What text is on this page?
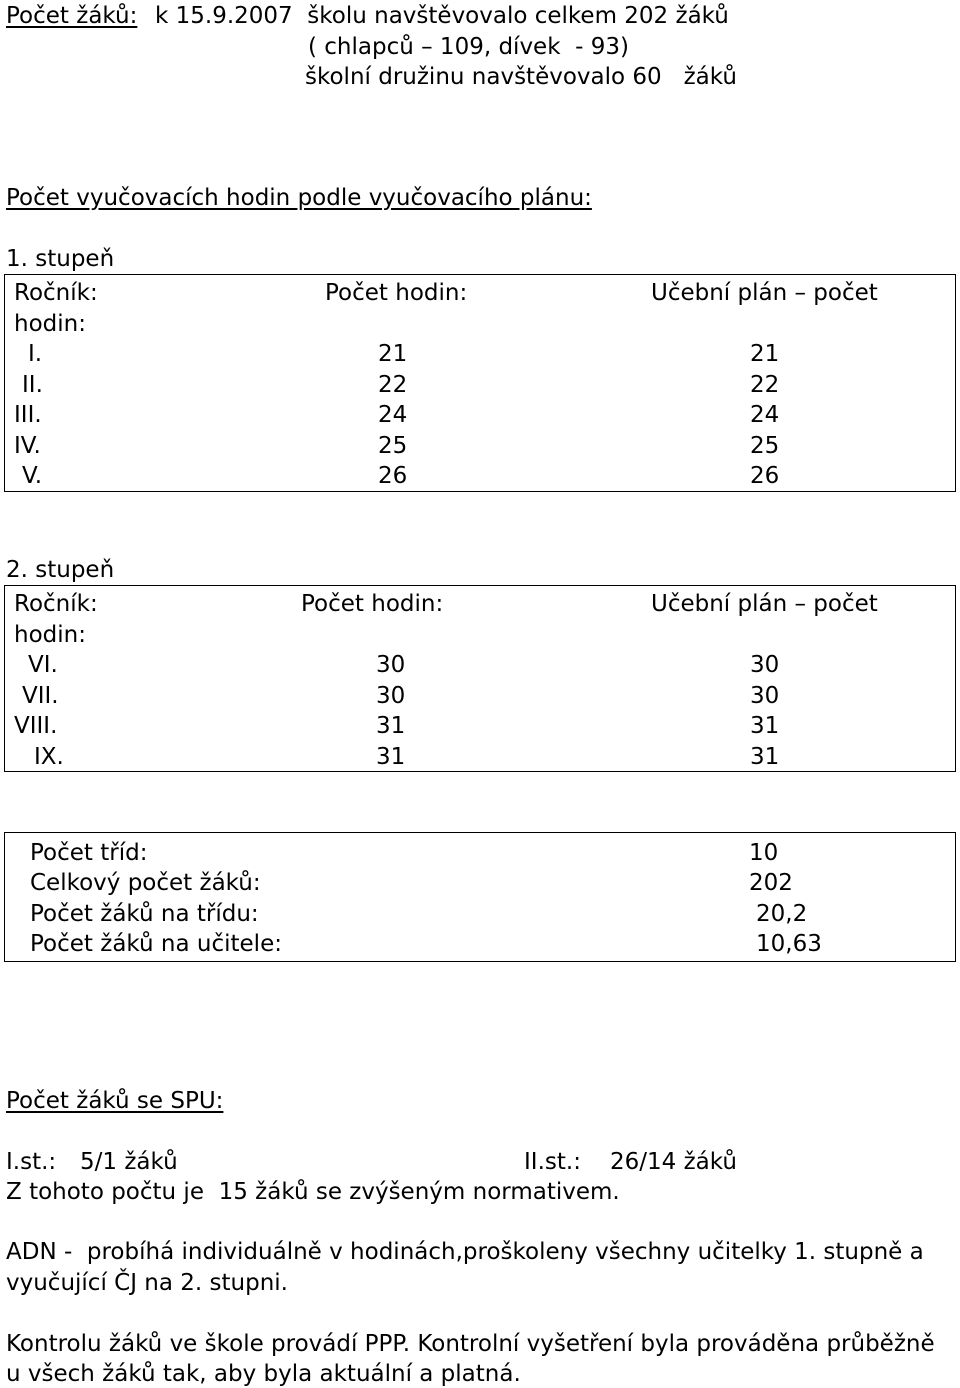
Počet žáků: k 15.9.2007  školu navštěvovalo celkem 202 žáků
( chlapců – 109, dívek  - 93)
školní družinu navštěvovalo 60   žáků
Počet vyučovacích hodin podle vyučovacího plánu:
1. stupeň
Ročník:	Počet hodin:	Učební plán – počet
hodin:
I.	21	21
II.	22	22
III.	24	24
IV.	25	25
V.	26	26
2. stupeň
Ročník:	Počet hodin:	Učební plán – počet
hodin:
VI.	30	30
VII.	30	30
VIII.	31	31
IX.	31	31
Počet tříd:	10
Celkový počet žáků:	202
Počet žáků na třídu:	20,2
Počet žáků na učitele:	10,63
Počet žáků se SPU:
I.st.: 5/1 žáků	II.st.: 26/14 žáků
Z tohoto počtu je  15 žáků se zvýšeným normativem.
ADN -  probíhá individuálně v hodinách,proškoleny všechny učitelky 1. stupně a
vyučující ČJ na 2. stupni.
Kontrolu žáků ve škole provádí PPP. Kontrolní vyšetření byla prováděna průběžně
u všech žáků tak, aby byla aktuální a platná.
